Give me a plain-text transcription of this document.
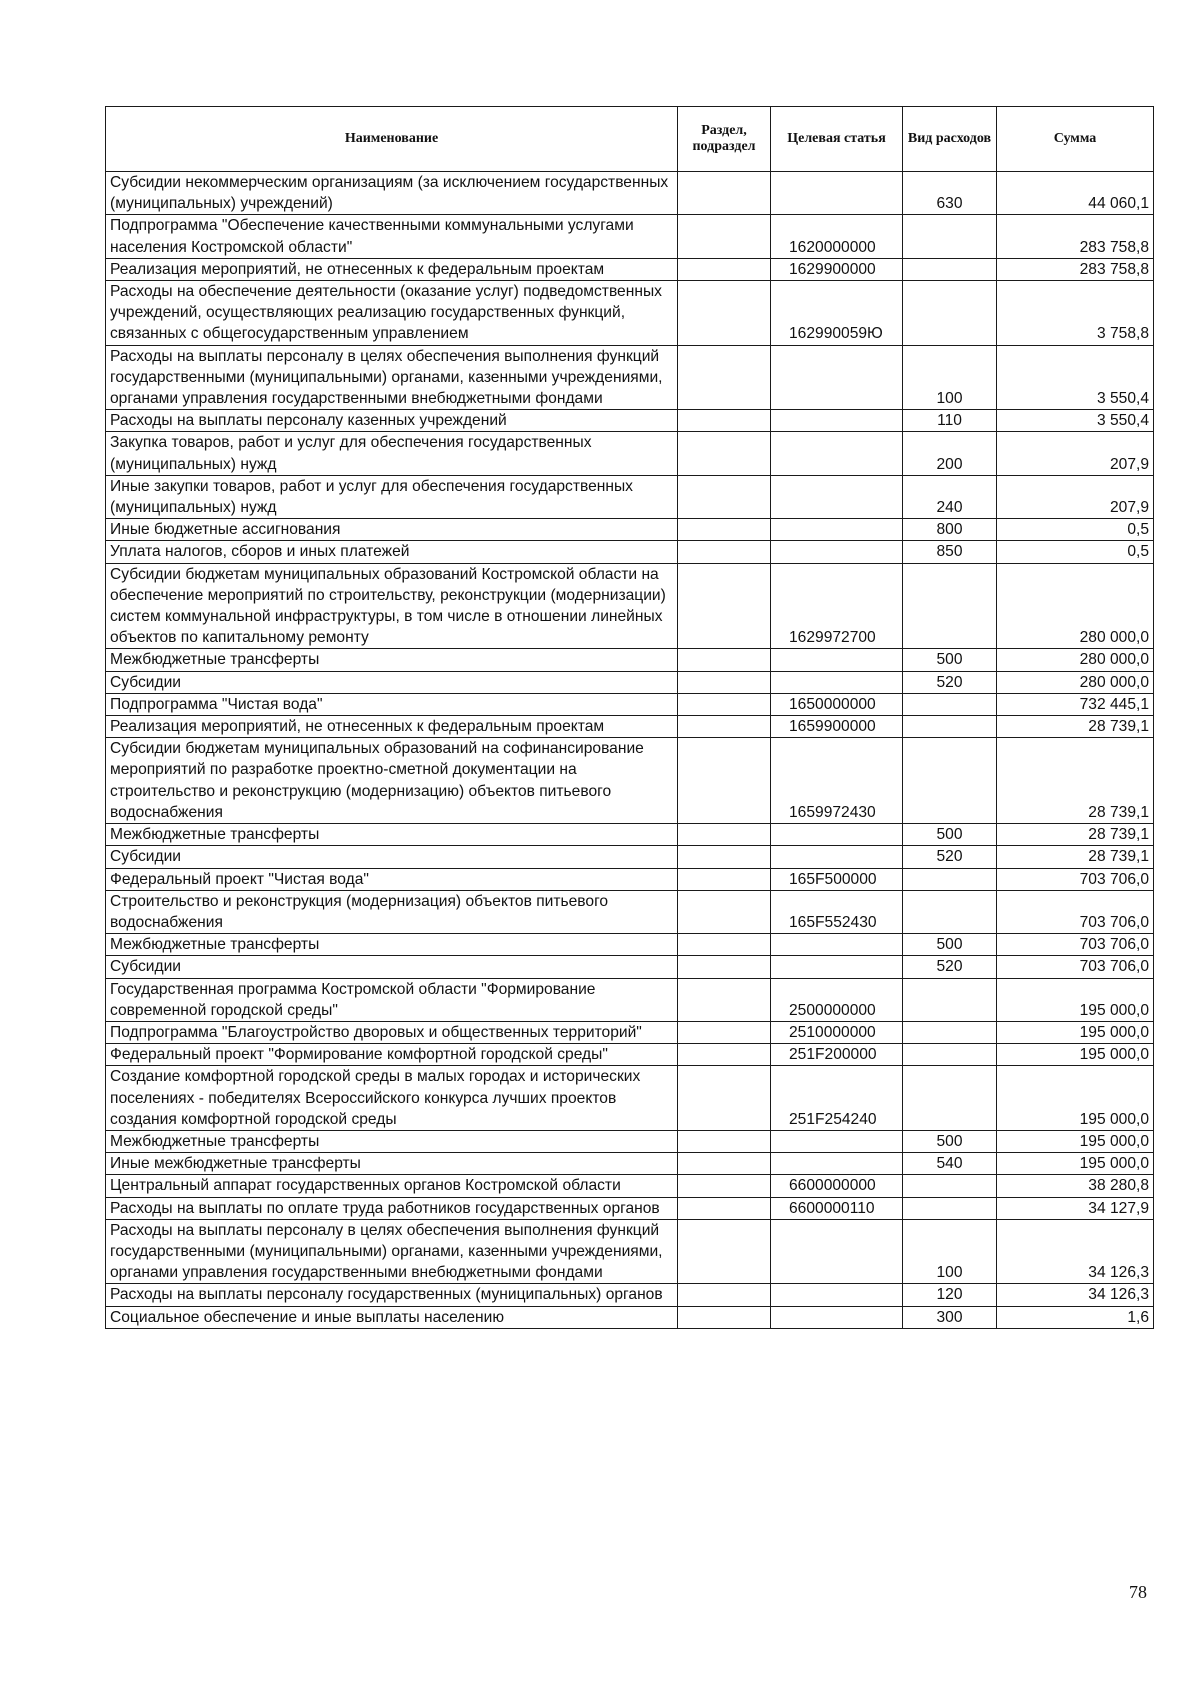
Наименование	Раздел, подраздел	Целевая статья	Вид расходов	Сумма
Субсидии некоммерческим организациям (за исключением государственных (муниципальных) учреждений)			630	44 060,1
Подпрограмма "Обеспечение качественными коммунальными услугами населения Костромской области"		1620000000		283 758,8
Реализация мероприятий, не отнесенных к федеральным проектам		1629900000		283 758,8
Расходы на обеспечение деятельности (оказание услуг) подведомственных учреждений, осуществляющих реализацию государственных функций, связанных с общегосударственным управлением		162990059Ю		3 758,8
Расходы на выплаты персоналу в целях обеспечения выполнения функций государственными (муниципальными) органами, казенными учреждениями, органами управления государственными внебюджетными фондами			100	3 550,4
Расходы на выплаты персоналу казенных учреждений			110	3 550,4
Закупка товаров, работ и услуг для обеспечения государственных (муниципальных) нужд			200	207,9
Иные закупки товаров, работ и услуг для обеспечения государственных (муниципальных) нужд			240	207,9
Иные бюджетные ассигнования			800	0,5
Уплата налогов, сборов и иных платежей			850	0,5
Субсидии бюджетам муниципальных образований Костромской области на обеспечение мероприятий по строительству, реконструкции (модернизации) систем коммунальной инфраструктуры, в том числе в отношении линейных объектов по капитальному ремонту		1629972700		280 000,0
Межбюджетные трансферты			500	280 000,0
Субсидии			520	280 000,0
Подпрограмма "Чистая вода"		1650000000		732 445,1
Реализация мероприятий, не отнесенных к федеральным проектам		1659900000		28 739,1
Субсидии бюджетам муниципальных образований на софинансирование мероприятий по разработке проектно-сметной документации на строительство и реконструкцию (модернизацию) объектов питьевого водоснабжения		1659972430		28 739,1
Межбюджетные трансферты			500	28 739,1
Субсидии			520	28 739,1
Федеральный проект "Чистая вода"		165F500000		703 706,0
Строительство и реконструкция (модернизация) объектов питьевого водоснабжения		165F552430		703 706,0
Межбюджетные трансферты			500	703 706,0
Субсидии			520	703 706,0
Государственная программа Костромской области "Формирование современной городской среды"		2500000000		195 000,0
Подпрограмма "Благоустройство дворовых и общественных территорий"		2510000000		195 000,0
Федеральный проект "Формирование комфортной городской среды"		251F200000		195 000,0
Создание комфортной городской среды в малых городах и исторических поселениях - победителях Всероссийского конкурса лучших проектов создания комфортной городской среды		251F254240		195 000,0
Межбюджетные трансферты			500	195 000,0
Иные межбюджетные трансферты			540	195 000,0
Центральный аппарат государственных органов Костромской области		6600000000		38 280,8
Расходы на выплаты по оплате труда работников государственных органов		6600000110		34 127,9
Расходы на выплаты персоналу в целях обеспечения выполнения функций государственными (муниципальными) органами, казенными учреждениями, органами управления государственными внебюджетными фондами			100	34 126,3
Расходы на выплаты персоналу государственных (муниципальных) органов			120	34 126,3
Социальное обеспечение и иные выплаты населению			300	1,6
78
